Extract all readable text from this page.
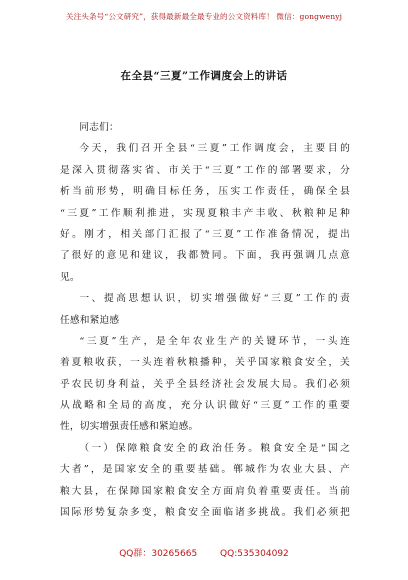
关注头条号“公文研究”，获得最新最全最专业的公文资料库！ 微信：gongwenyj
在全县“三夏”工作调度会上的讲话
同志们：
今天，我们召开全县“三夏”工作调度会，主要目的
是深入贯彻落实省、市关于“三夏”工作的部署要求，分
析当前形势，明确目标任务，压实工作责任，确保全县
“三夏”工作顺利推进，实现夏粮丰产丰收、秋粮种足种
好。刚才，相关部门汇报了“三夏”工作准备情况，提出
了很好的意见和建议，我都赞同。下面，我再强调几点意
见。
一、提高思想认识，切实增强做好“三夏”工作的责
任感和紧迫感
“三夏”生产，是全年农业生产的关键环节，一头连
着夏粮收获，一头连着秋粮播种，关乎国家粮食安全，关
乎农民切身利益，关乎全县经济社会发展大局。我们必须
从战略和全局的高度，充分认识做好“三夏”工作的重要
性，切实增强责任感和紧迫感。
（一）保障粮食安全的政治任务。粮食安全是“国之
大者”，是国家安全的重要基础。郸城作为农业大县、产
粮大县，在保障国家粮食安全方面肩负着重要责任。当前
国际形势复杂多变，粮食安全面临诸多挑战。我们必须把
QQ群：30265665	QQ:535304092
